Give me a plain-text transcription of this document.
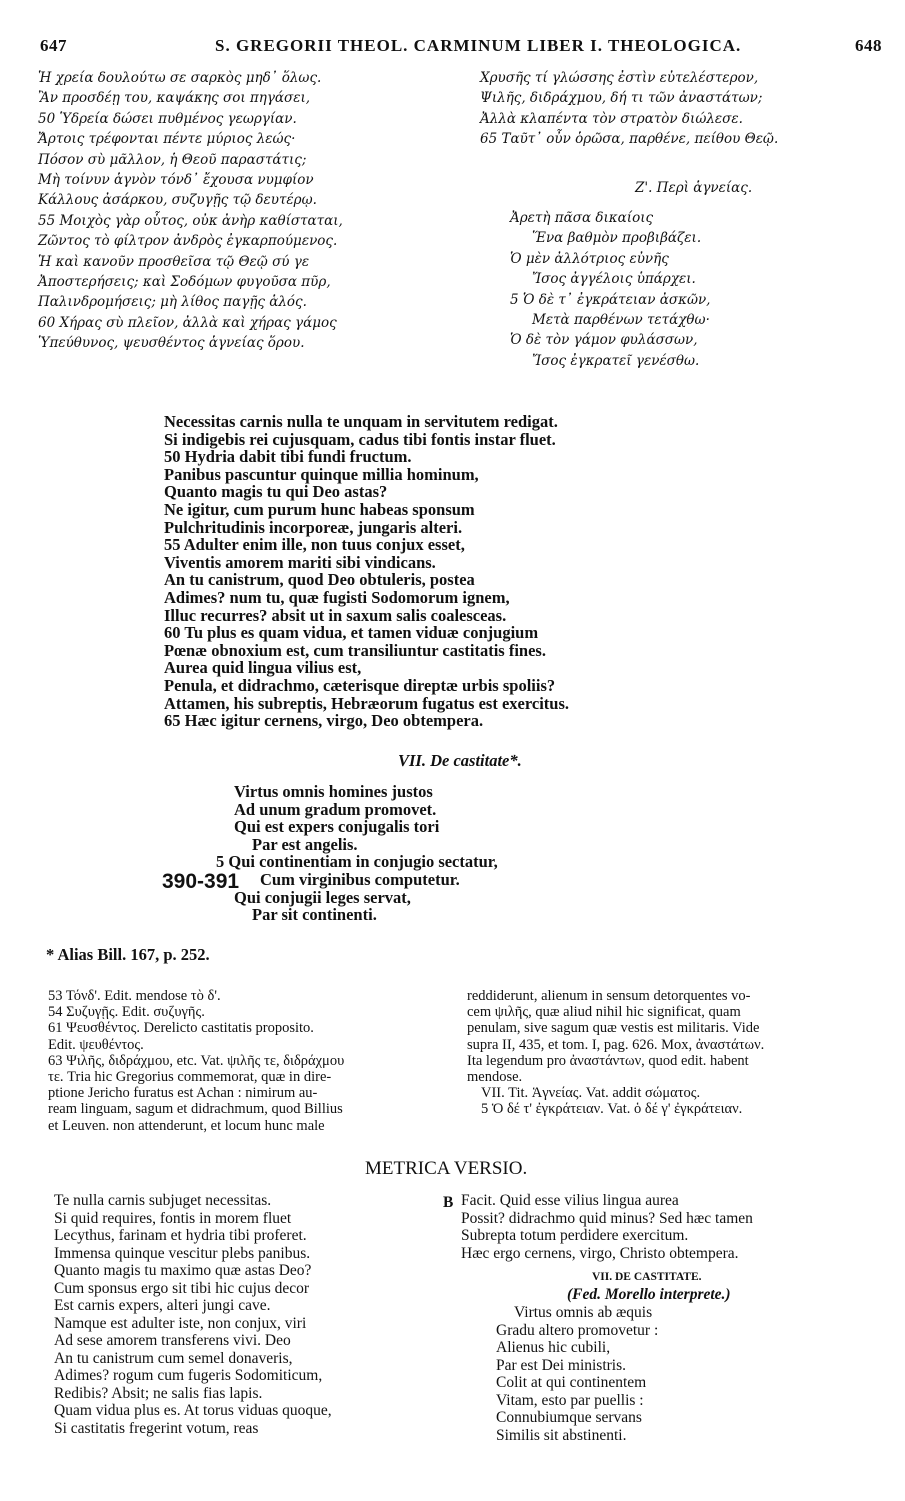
647	S. GREGORII THEOL. CARMINUM LIBER I. THEOLOGICA.	648
Ἡ χρεία δουλούτω σε σαρκὸς μηδ᾽ ὅλως.
Ἂν προσδέῃ του, καψάκης σοι πηγάσει,
50 Ὑδρεία δώσει πυθμένος γεωργίαν.
Ἄρτοις τρέφονται πέντε μύριος λεώς·
Πόσον σὺ μᾶλλον, ἡ Θεοῦ παραστάτις;
Μὴ τοίνυν ἁγνὸν τόνδ᾽ ἔχουσα νυμφίον
Κάλλους ἀσάρκου, συζυγῇς τῷ δευτέρῳ.
55 Μοιχὸς γὰρ οὗτος, οὐκ ἀνὴρ καθίσταται,
Ζῶντος τὸ φίλτρον ἀνδρὸς ἐγκαρπούμενος.
Ἡ καὶ κανοῦν προσθεῖσα τῷ Θεῷ σύ γε
Ἀποστερήσεις; καὶ Σοδόμων φυγοῦσα πῦρ,
Παλινδρομήσεις; μὴ λίθος παγῇς ἁλός.
60 Χήρας σὺ πλεῖον, ἀλλὰ καὶ χήρας γάμος
Ὑπεύθυνος, ψευσθέντος ἁγνείας ὅρου.
Χρυσῆς τί γλώσσης ἐστὶν εὐτελέστερον,
Ψιλῆς, διδράχμου, δή τι τῶν ἀναστάτων;
Ἀλλὰ κλαπέντα τὸν στρατὸν διώλεσε.
65 Ταῦτ᾽ οὖν ὁρῶσα, παρθένε, πείθου Θεῷ.
Ζ'. Περὶ ἁγνείας.
Ἀρετὴ πᾶσα δικαίοις
Ἕνα βαθμὸν προβιβάζει.
Ὁ μὲν ἀλλότριος εὐνῆς
Ἴσος ἀγγέλοις ὑπάρχει.
5 Ὁ δὲ τ᾽ ἐγκράτειαν ἀσκῶν,
Μετὰ παρθένων τετάχθω·
Ὁ δὲ τὸν γάμον φυλάσσων,
Ἴσος ἐγκρατεῖ γενέσθω.
Necessitas carnis nulla te unquam in servitutem redigat.
Si indigebis rei cujusquam, cadus tibi fontis instar fluet.
50 Hydria dabit tibi fundi fructum.
Panibus pascuntur quinque millia hominum,
Quanto magis tu qui Deo astas?
Ne igitur, cum purum hunc habeas sponsum
Pulchritudinis incorporeæ, jungaris alteri.
55 Adulter enim ille, non tuus conjux esset,
Viventis amorem mariti sibi vindicans.
An tu canistrum, quod Deo obtuleris, postea
Adimes? num tu, quæ fugisti Sodomorum ignem,
Illuc recurres? absit ut in saxum salis coalesceas.
60 Tu plus es quam vidua, et tamen viduæ conjugium
Pœnæ obnoxium est, cum transiliuntur castitatis fines.
Aurea quid lingua vilius est,
Penula, et didrachmo, cæterisque direptæ urbis spoliis?
Attamen, his subreptis, Hebræorum fugatus est exercitus.
65 Hæc igitur cernens, virgo, Deo obtempera.
VII. De castitate*.
Virtus omnis homines justos
Ad unum gradum promovet.
Qui est expers conjugalis tori
Par est angelis.
5 Qui continentiam in conjugio sectatur,
Cum virginibus computetur.
Qui conjugii leges servat,
Par sit continenti.
390-391
* Alias Bill. 167, p. 252.
53 Τόνδ'. Edit. mendose τὸ δ'.
54 Συζυγῇς. Edit. συζυγῆς.
61 Ψευσθέντος. Derelicto castitatis proposito.
Edit. ψευθέντος.
63 Ψιλῆς, διδράχμου, etc. Vat. ψιλῆς τε, διδράχμου
τε. Tria hic Gregorius commemorat, quæ in dire-
ptione Jericho furatus est Achan : nimirum au-
ream linguam, sagum et didrachmum, quod Billius
et Leuven. non attenderunt, et locum hunc male
reddiderunt, alienum in sensum detorquentes vo-
cem ψιλῆς, quæ aliud nihil hic significat, quam
penulam, sive sagum quæ vestis est militaris. Vide
supra II, 435, et tom. I, pag. 626. Mox, ἀναστάτων.
Ita legendum pro ἀναστάντων, quod edit. habent
mendose.
VII. Tit. Ἁγνείας. Vat. addit σώματος.
5 Ὁ δέ τ' ἐγκράτειαν. Vat. ὁ δέ γ' ἐγκράτειαν.
METRICA VERSIO.
Te nulla carnis subjuget necessitas.
Si quid requires, fontis in morem fluet
Lecythus, farinam et hydria tibi proferet.
Immensa quinque vescitur plebs panibus.
Quanto magis tu maximo quæ astas Deo?
Cum sponsus ergo sit tibi hic cujus decor
Est carnis expers, alteri jungi cave.
Namque est adulter iste, non conjux, viri
Ad sese amorem transferens vivi. Deo
An tu canistrum cum semel donaveris,
Adimes? rogum cum fugeris Sodomiticum,
Redibis? Absit; ne salis fias lapis.
Quam vidua plus es. At torus viduas quoque,
Si castitatis fregerint votum, reas
B Facit. Quid esse vilius lingua aurea
Possit? didrachmo quid minus? Sed hæc tamen
Subrepta totum perdidere exercitum.
Hæc ergo cernens, virgo, Christo obtempera.
VII. DE CASTITATE.
(Fed. Morello interprete.)
Virtus omnis ab æquis
Gradu altero promovetur :
Alienus hic cubili,
Par est Dei ministris.
Colit at qui continentem
Vitam, esto par puellis :
Connubiumque servans
Similis sit abstinenti.
